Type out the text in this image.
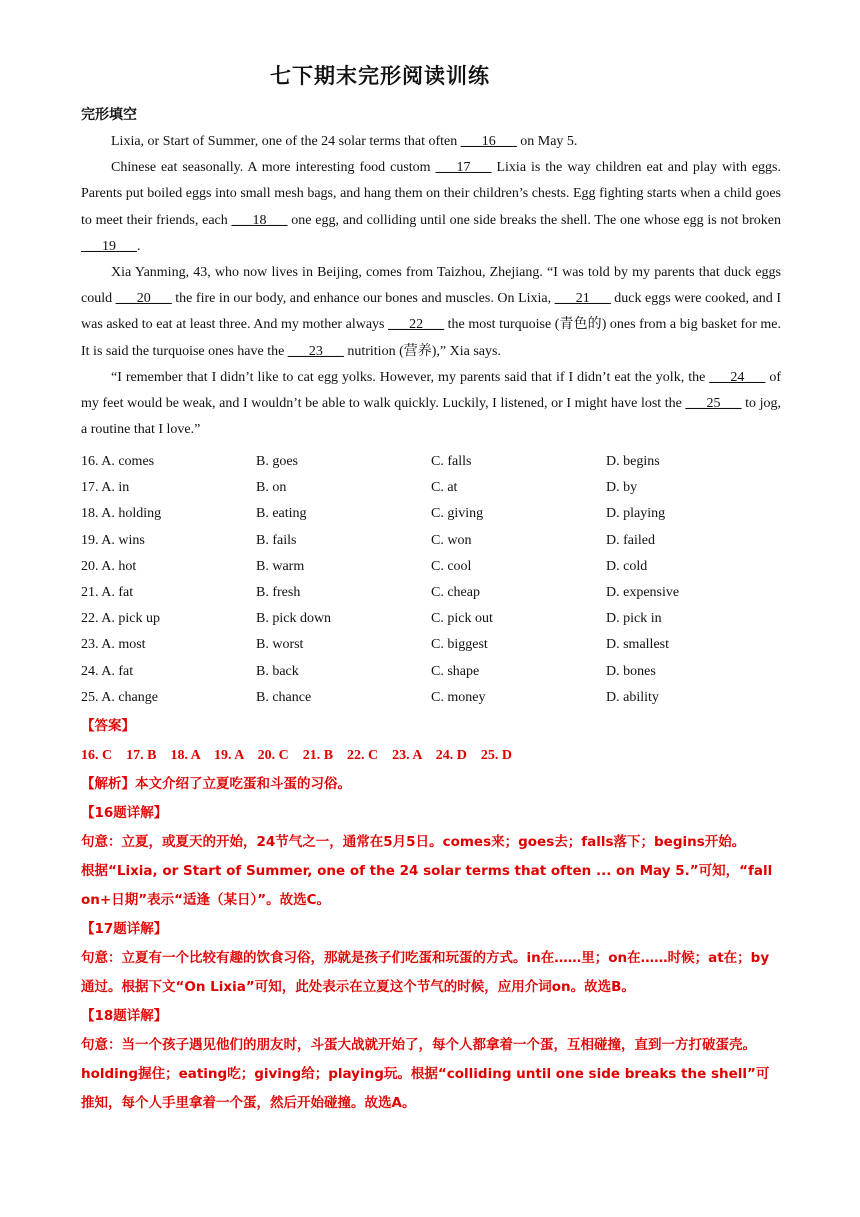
七下期末完形阅读训练
完形填空

Lixia, or Start of Summer, one of the 24 solar terms that often ___16___ on May 5.

Chinese eat seasonally. A more interesting food custom ___17___ Lixia is the way children eat and play with eggs. Parents put boiled eggs into small mesh bags, and hang them on their children’s chests. Egg fighting starts when a child goes to meet their friends, each ___18___ one egg, and colliding until one side breaks the shell. The one whose egg is not broken ___19___.

Xia Yanming, 43, who now lives in Beijing, comes from Taizhou, Zhejiang. “I was told by my parents that duck eggs could ___20___ the fire in our body, and enhance our bones and muscles. On Lixia, ___21___ duck eggs were cooked, and I was asked to eat at least three. And my mother always ___22___ the most turquoise (青色的) ones from a big basket for me. It is said the turquoise ones have the ___23___ nutrition (营养),” Xia says.

“I remember that I didn’t like to cat egg yolks. However, my parents said that if I didn’t eat the yolk, the ___24___ of my feet would be weak, and I wouldn’t be able to walk quickly. Luckily, I listened, or I might have lost the ___25___ to jog, a routine that I love.”

16. A. comes	B. goes	C. falls	D. begins
17. A. in	B. on	C. at	D. by
18. A. holding	B. eating	C. giving	D. playing
19. A. wins	B. fails	C. won	D. failed
20. A. hot	B. warm	C. cool	D. cold
21. A. fat	B. fresh	C. cheap	D. expensive
22. A. pick up	B. pick down	C. pick out	D. pick in
23. A. most	B. worst	C. biggest	D. smallest
24. A. fat	B. back	C. shape	D. bones
25. A. change	B. chance	C. money	D. ability

【答案】

16. C    17. B    18. A    19. A    20. C    21. B    22. C    23. A    24. D    25. D

【解析】本文介绍了立夏吃蛋和斗蛋的习俗。

【16题详解】

句意：立夏，或夏天的开始，24节气之一，通常在5月5日。comes来；goes去；falls落下；begins开始。

根据“Lixia, or Start of Summer, one of the 24 solar terms that often ... on May 5.”可知，“fall on+日期”表示“适逢（某日）”。故选C。

【17题详解】

句意：立夏有一个比较有趣的饮食习俗，那就是孩子们吃蛋和玩蛋的方式。in在……里；on在……时候；at在；by通过。根据下文“On Lixia”可知，此处表示在立夏这个节气的时候，应用介词on。故选B。

【18题详解】

句意：当一个孩子遇见他们的朋友时，斗蛋大战就开始了，每个人都拿着一个蛋，互相碰撞，直到一方打破蛋壳。holding握住；eating吃；giving给；playing玩。根据“colliding until one side breaks the shell”可推知，每个人手里拿着一个蛋，然后开始碰撞。故选A。
